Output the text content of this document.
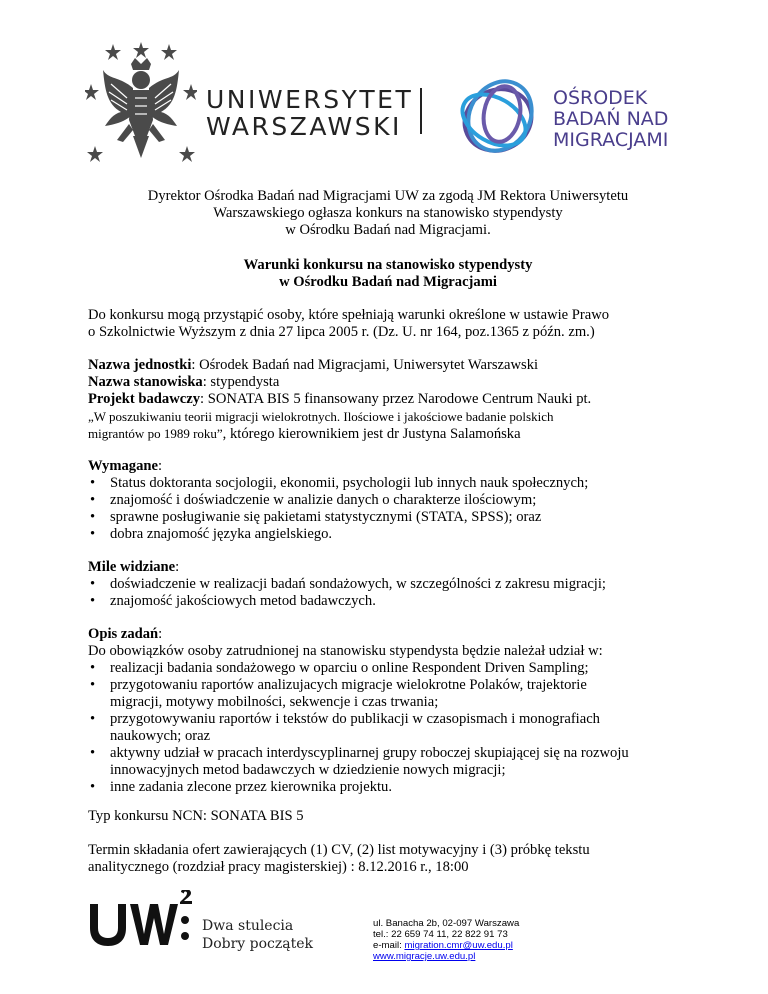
UNIWERSYTET
WARSZAWSKI
OŚRODEK
BADAŃ NAD
MIGRACJAMI
Dyrektor Ośrodka Badań nad Migracjami UW za zgodą JM Rektora Uniwersytetu
Warszawskiego ogłasza konkurs na stanowisko stypendysty
w Ośrodku Badań nad Migracjami.
Warunki konkursu na stanowisko stypendysty
w Ośrodku Badań nad Migracjami
Do konkursu mogą przystąpić osoby, które spełniają warunki określone w ustawie Prawo
o Szkolnictwie Wyższym z dnia 27 lipca 2005 r. (Dz. U. nr 164, poz.1365 z późn. zm.)
Nazwa jednostki: Ośrodek Badań nad Migracjami, Uniwersytet Warszawski
Nazwa stanowiska: stypendysta
Projekt badawczy: SONATA BIS 5 finansowany przez Narodowe Centrum Nauki pt.
„W poszukiwaniu teorii migracji wielokrotnych. Ilościowe i jakościowe badanie polskich
migrantów po 1989 roku”, którego kierownikiem jest dr Justyna Salamońska
Wymagane:
• Status doktoranta socjologii, ekonomii, psychologii lub innych nauk społecznych;
• znajomość i doświadczenie w analizie danych o charakterze ilościowym;
• sprawne posługiwanie się pakietami statystycznymi (STATA, SPSS); oraz
• dobra znajomość języka angielskiego.
Mile widziane:
• doświadczenie w realizacji badań sondażowych, w szczególności z zakresu migracji;
• znajomość jakościowych metod badawczych.
Opis zadań:
Do obowiązków osoby zatrudnionej na stanowisku stypendysta będzie należał udział w:
• realizacji badania sondażowego w oparciu o online Respondent Driven Sampling;
• przygotowaniu raportów analizujacych migracje wielokrotne Polaków, trajektorie
migracji, motywy mobilności, sekwencje i czas trwania;
• przygotowywaniu raportów i tekstów do publikacji w czasopismach i monografiach
naukowych; oraz
• aktywny udział w pracach interdyscyplinarnej grupy roboczej skupiającej się na rozwoju
innowacyjnych metod badawczych w dziedzienie nowych migracji;
• inne zadania zlecone przez kierownika projektu.
Typ konkursu NCN: SONATA BIS 5
Termin składania ofert zawierających (1) CV, (2) list motywacyjny i (3) próbkę tekstu
analitycznego (rozdział pracy magisterskiej) : 8.12.2016 r., 18:00
Dwa stulecia
Dobry początek
ul. Banacha 2b, 02-097 Warszawa
tel.: 22 659 74 11, 22 822 91 73
e-mail: migration.cmr@uw.edu.pl
www.migracje.uw.edu.pl
